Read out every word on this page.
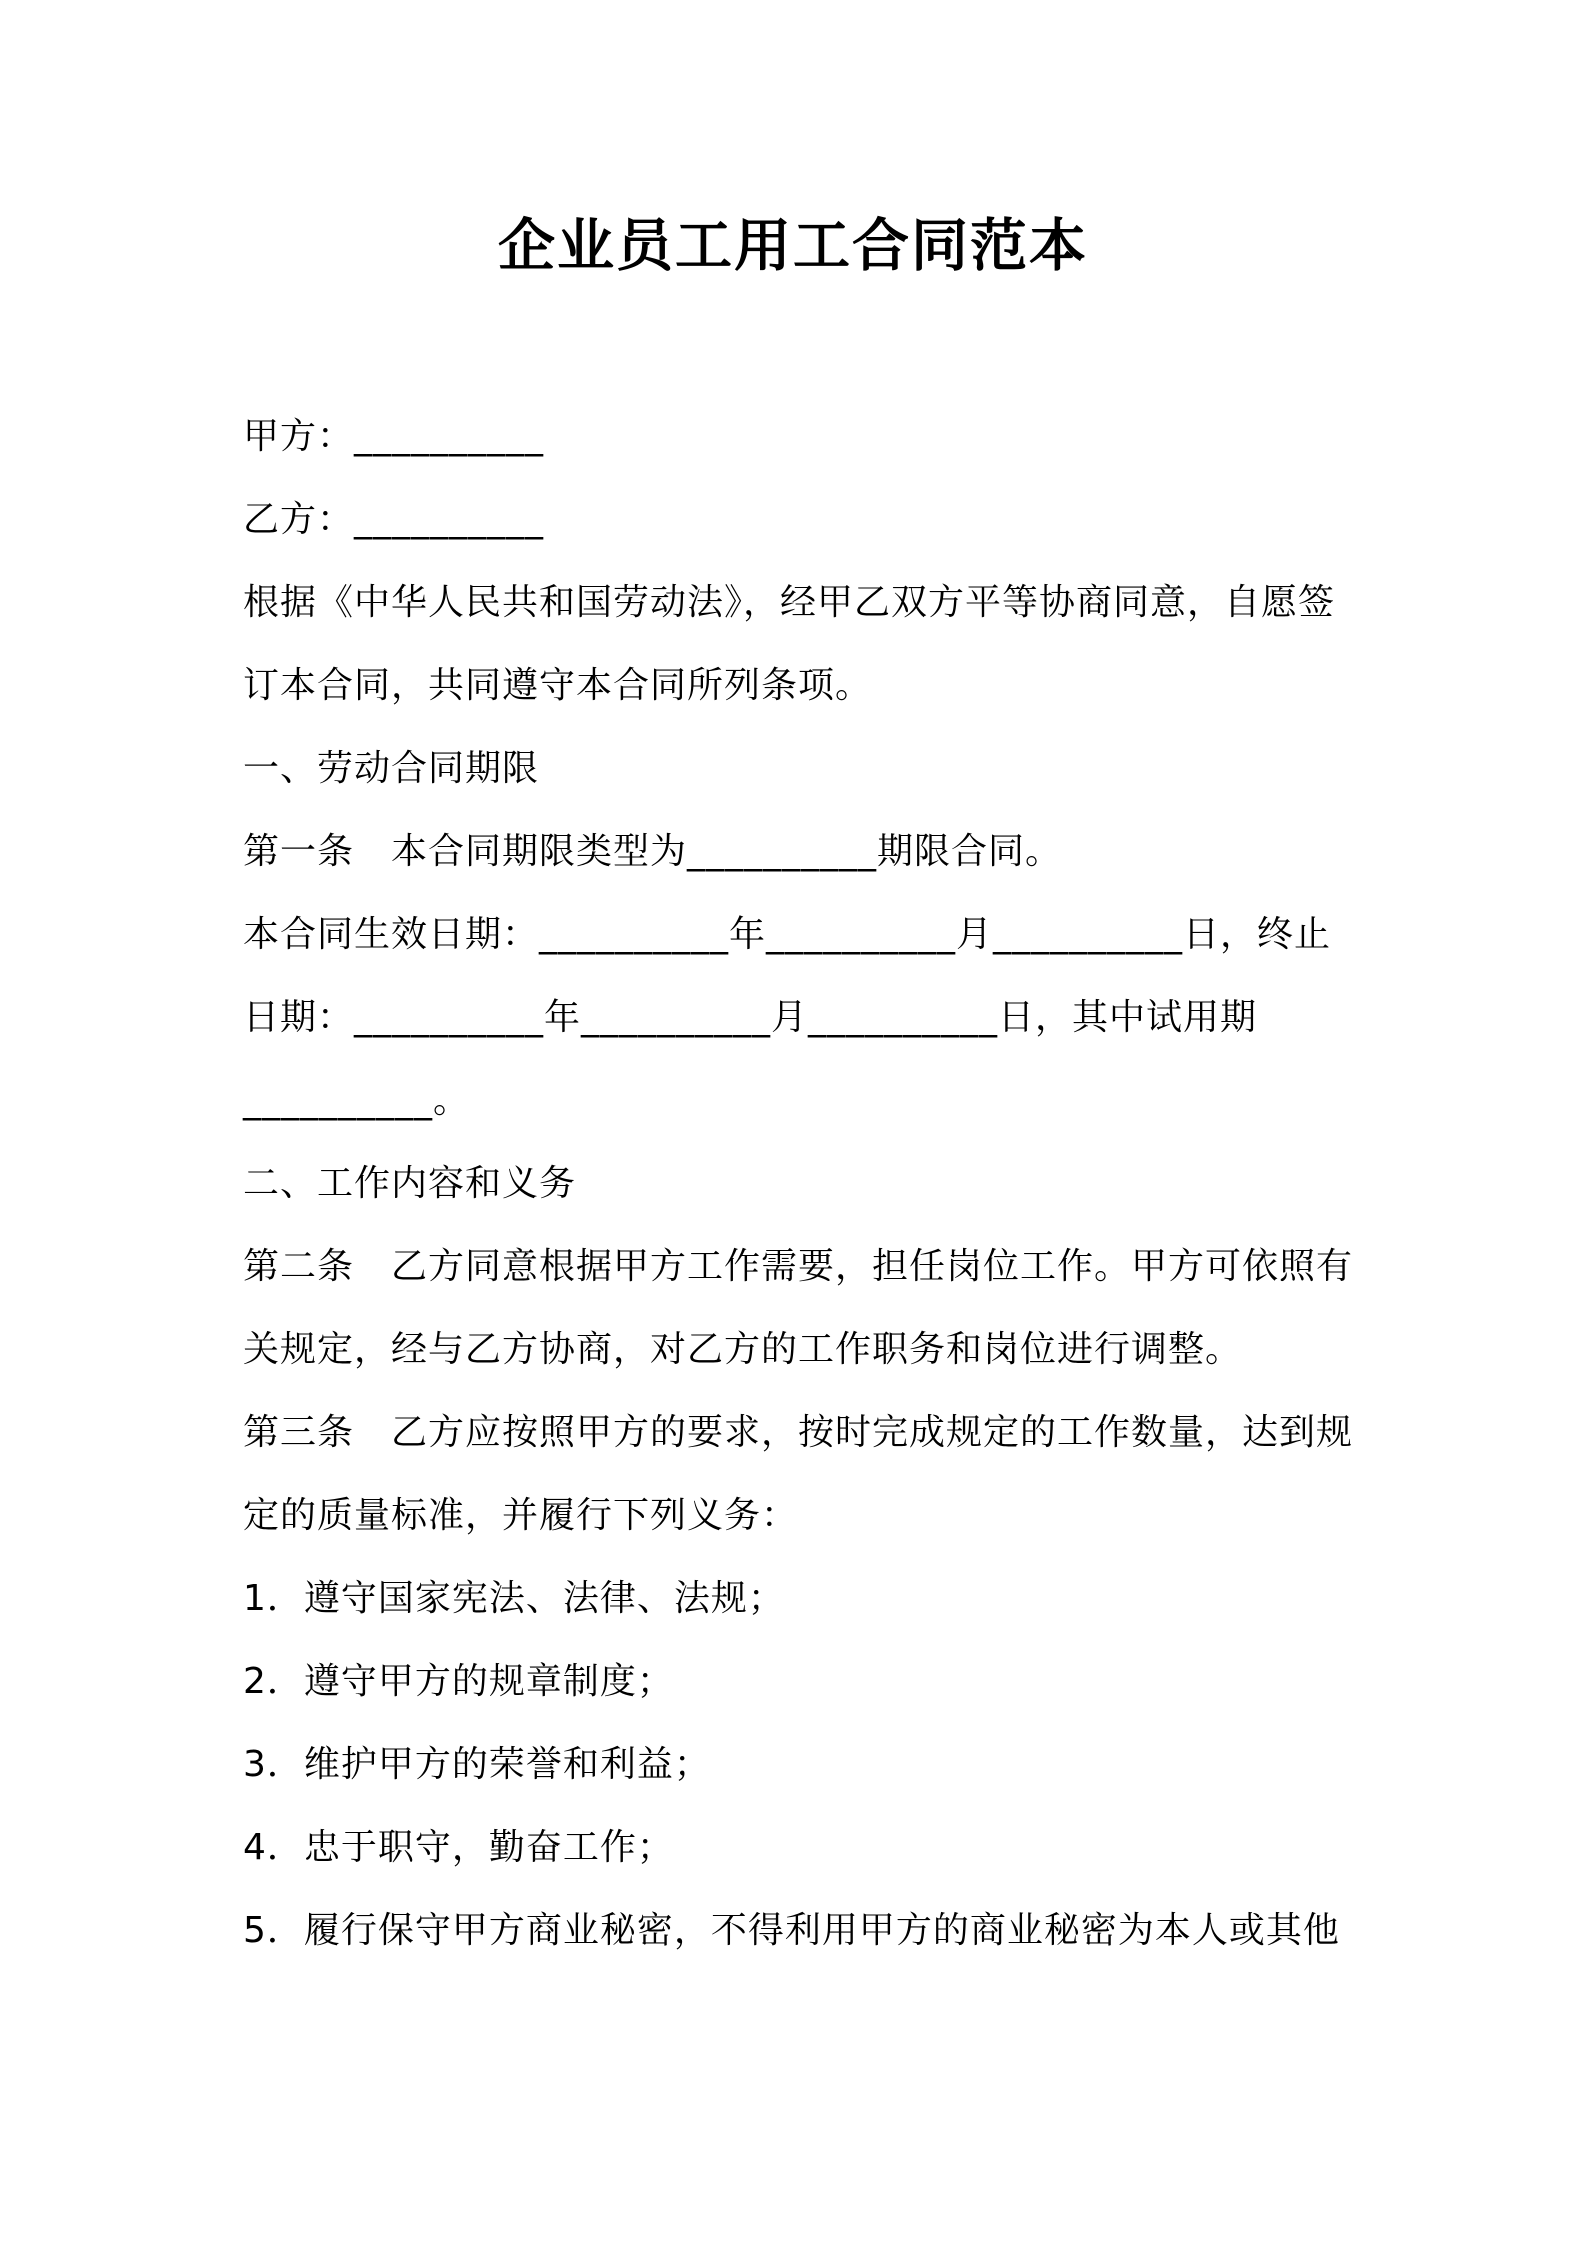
企业员工用工合同范本
甲方：__________
乙方：__________
根据《中华人民共和国劳动法》，经甲乙双方平等协商同意，自愿签
订本合同，共同遵守本合同所列条项。
一、劳动合同期限
第一条　本合同期限类型为__________期限合同。
本合同生效日期：__________年__________月__________日，终止
日期：__________年__________月__________日，其中试用期
__________。
二、工作内容和义务
第二条　乙方同意根据甲方工作需要，担任岗位工作。甲方可依照有
关规定，经与乙方协商，对乙方的工作职务和岗位进行调整。
第三条　乙方应按照甲方的要求，按时完成规定的工作数量，达到规
定的质量标准，并履行下列义务：
1．遵守国家宪法、法律、法规；
2．遵守甲方的规章制度；
3．维护甲方的荣誉和利益；
4．忠于职守，勤奋工作；
5．履行保守甲方商业秘密，不得利用甲方的商业秘密为本人或其他
